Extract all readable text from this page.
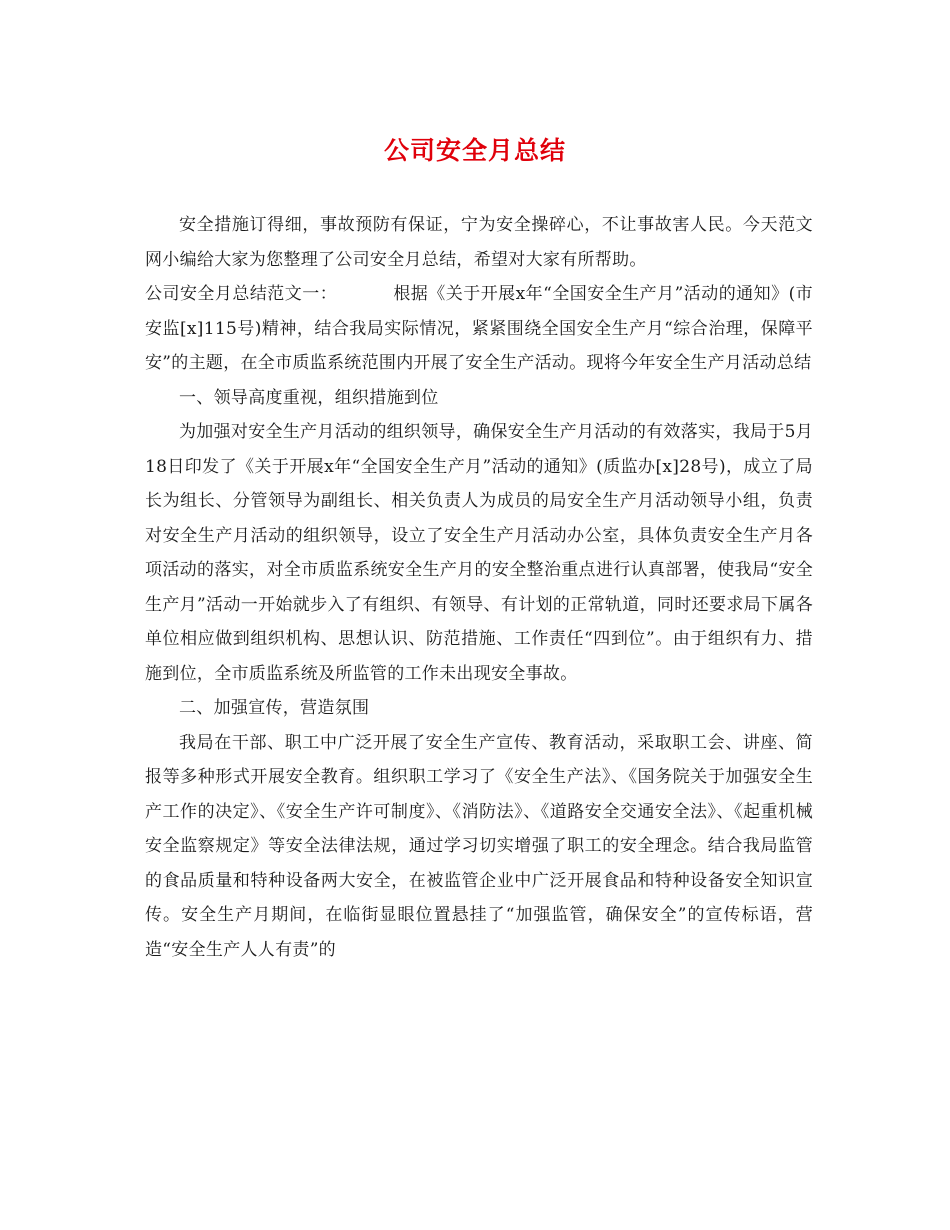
公司安全月总结

安全措施订得细，事故预防有保证，宁为安全操碎心，不让事故害人民。今天范文网小编给大家为您整理了公司安全月总结，希望对大家有所帮助。

公司安全月总结范文一：	根据《关于开展x年“全国安全生产月”活动的通知》(市安监[x]115号)精神，结合我局实际情况，紧紧围绕全国安全生产月“综合治理，保障平安”的主题，在全市质监系统范围内开展了安全生产活动。现将今年安全生产月活动总结

一、领导高度重视，组织措施到位

为加强对安全生产月活动的组织领导，确保安全生产月活动的有效落实，我局于5月18日印发了《关于开展x年“全国安全生产月”活动的通知》(质监办[x]28号)，成立了局长为组长、分管领导为副组长、相关负责人为成员的局安全生产月活动领导小组，负责对安全生产月活动的组织领导，设立了安全生产月活动办公室，具体负责安全生产月各项活动的落实，对全市质监系统安全生产月的安全整治重点进行认真部署，使我局“安全生产月”活动一开始就步入了有组织、有领导、有计划的正常轨道，同时还要求局下属各单位相应做到组织机构、思想认识、防范措施、工作责任“四到位”。由于组织有力、措施到位，全市质监系统及所监管的工作未出现安全事故。

二、加强宣传，营造氛围

我局在干部、职工中广泛开展了安全生产宣传、教育活动，采取职工会、讲座、简报等多种形式开展安全教育。组织职工学习了《安全生产法》、《国务院关于加强安全生产工作的决定》、《安全生产许可制度》、《消防法》、《道路安全交通安全法》、《起重机械安全监察规定》等安全法律法规，通过学习切实增强了职工的安全理念。结合我局监管的食品质量和特种设备两大安全，在被监管企业中广泛开展食品和特种设备安全知识宣传。安全生产月期间，在临街显眼位置悬挂了“加强监管，确保安全”的宣传标语，营造“安全生产人人有责”的
